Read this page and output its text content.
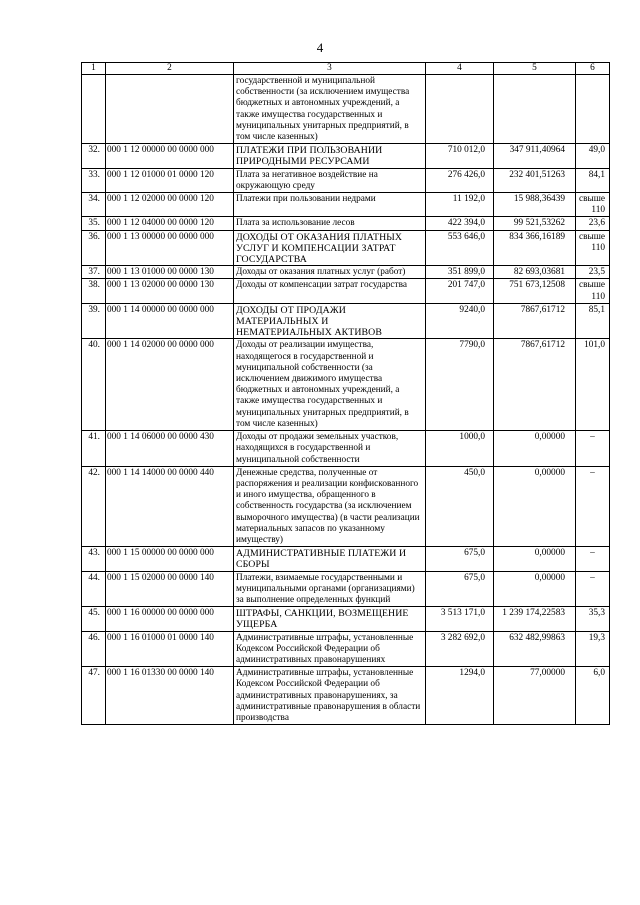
4
1	2	3	4	5	6
		государственной и муниципальной собственности (за исключением имущества бюджетных и автономных учреждений, а также имущества государственных и муниципальных унитарных предприятий, в том числе казенных)			
32.	000 1 12 00000 00 0000 000	ПЛАТЕЖИ ПРИ ПОЛЬЗОВАНИИ ПРИРОДНЫМИ РЕСУРСАМИ	710 012,0	347 911,40964	49,0
33.	000 1 12 01000 01 0000 120	Плата за негативное воздействие на окружающую среду	276 426,0	232 401,51263	84,1
34.	000 1 12 02000 00 0000 120	Платежи при пользовании недрами	11 192,0	15 988,36439	свыше 110
35.	000 1 12 04000 00 0000 120	Плата за использование лесов	422 394,0	99 521,53262	23,6
36.	000 1 13 00000 00 0000 000	ДОХОДЫ ОТ ОКАЗАНИЯ ПЛАТНЫХ УСЛУГ И КОМПЕНСАЦИИ ЗАТРАТ ГОСУДАРСТВА	553 646,0	834 366,16189	свыше 110
37.	000 1 13 01000 00 0000 130	Доходы от оказания платных услуг (работ)	351 899,0	82 693,03681	23,5
38.	000 1 13 02000 00 0000 130	Доходы от компенсации затрат государства	201 747,0	751 673,12508	свыше 110
39.	000 1 14 00000 00 0000 000	ДОХОДЫ ОТ ПРОДАЖИ МАТЕРИАЛЬНЫХ И НЕМАТЕРИАЛЬНЫХ АКТИВОВ	9240,0	7867,61712	85,1
40.	000 1 14 02000 00 0000 000	Доходы от реализации имущества, находящегося в государственной и муниципальной собственности (за исключением движимого имущества бюджетных и автономных учреждений, а также имущества государственных и муниципальных унитарных предприятий, в том числе казенных)	7790,0	7867,61712	101,0
41.	000 1 14 06000 00 0000 430	Доходы от продажи земельных участков, находящихся в государственной и муниципальной собственности	1000,0	0,00000	–
42.	000 1 14 14000 00 0000 440	Денежные средства, полученные от распоряжения и реализации конфискованного и иного имущества, обращенного в собственность государства (за исключением выморочного имущества) (в части реализации материальных запасов по указанному имуществу)	450,0	0,00000	–
43.	000 1 15 00000 00 0000 000	АДМИНИСТРАТИВНЫЕ ПЛАТЕЖИ И СБОРЫ	675,0	0,00000	–
44.	000 1 15 02000 00 0000 140	Платежи, взимаемые государственными и муниципальными органами (организациями) за выполнение определенных функций	675,0	0,00000	–
45.	000 1 16 00000 00 0000 000	ШТРАФЫ, САНКЦИИ, ВОЗМЕЩЕНИЕ УЩЕРБА	3 513 171,0	1 239 174,22583	35,3
46.	000 1 16 01000 01 0000 140	Административные штрафы, установленные Кодексом Российской Федерации об административных правонарушениях	3 282 692,0	632 482,99863	19,3
47.	000 1 16 01330 00 0000 140	Административные штрафы, установленные Кодексом Российской Федерации об административных правонарушениях, за административные правонарушения в области производства	1294,0	77,00000	6,0
